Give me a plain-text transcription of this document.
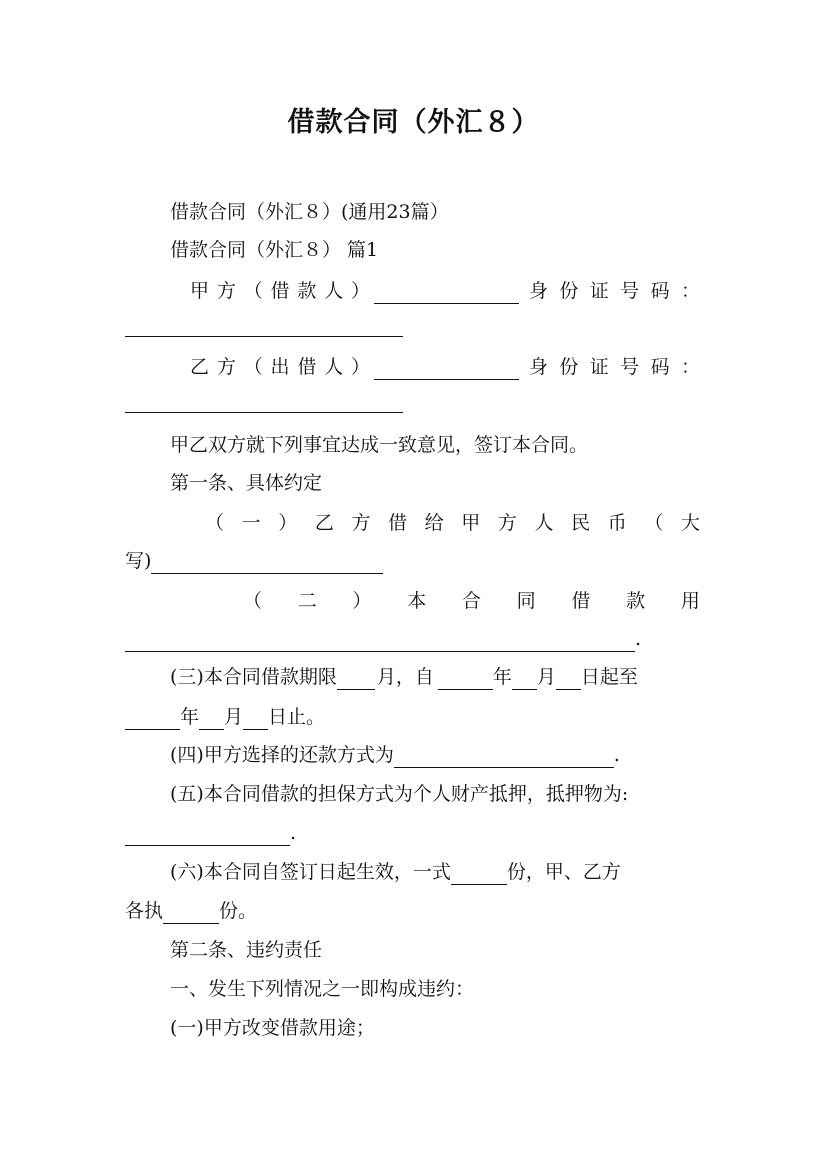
借款合同（外汇８）
借款合同（外汇８）(通用23篇）
借款合同（外汇８） 篇1
甲 方 （ 借 款 人 ）	身 份 证 号 码 ：
乙 方 （ 出 借 人 ）	身 份 证 号 码 ：
甲乙双方就下列事宜达成一致意见，签订本合同。
第一条、具体约定
（ 一 ） 乙 方 借 给 甲 方 人 民 币 （ 大
写)
（ 二 ） 本 合 同 借 款 用
.
(三)本合同借款期限 月，自	年 月 日起至
年 月 日止。
(四)甲方选择的还款方式为	.
(五)本合同借款的担保方式为个人财产抵押，抵押物为:
.
(六)本合同自签订日起生效，一式	份，甲、乙方
各执	份。
第二条、违约责任
一、发生下列情况之一即构成违约：
(一)甲方改变借款用途；
